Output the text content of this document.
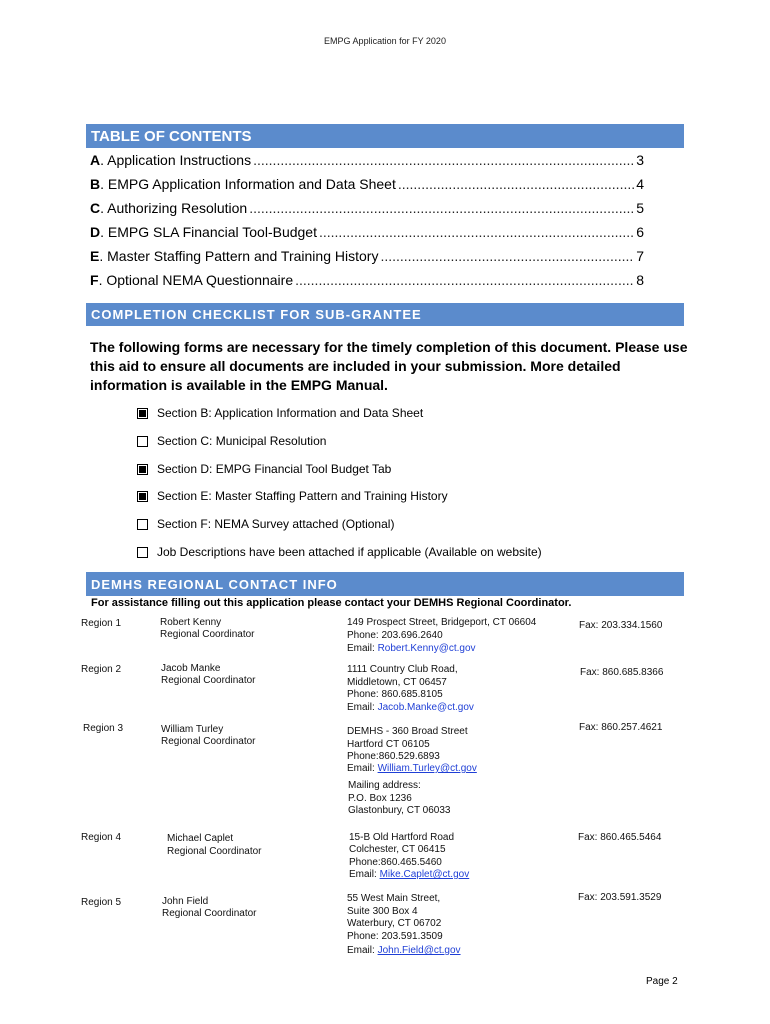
EMPG Application for FY 2020
TABLE OF CONTENTS
A . Application Instructions .....	3
B . EMPG Application Information and Data Sheet .....	4
C . Authorizing Resolution .....	5
D . EMPG SLA Financial Tool-Budget .....	6
E . Master Staffing Pattern and Training History .....	7
F . Optional NEMA Questionnaire .....	8
COMPLETION CHECKLIST FOR SUB-GRANTEE
The following forms are necessary for the timely completion of this document. Please use this aid to ensure all documents are included in your submission. More detailed information is available in the EMPG Manual.
Section B: Application Information and Data Sheet
Section C: Municipal Resolution
Section D: EMPG Financial Tool Budget Tab
Section E: Master Staffing Pattern and Training History
Section F: NEMA Survey attached (Optional)
Job Descriptions have been attached if applicable (Available on website)
DEMHS REGIONAL CONTACT INFO
For assistance filling out this application please contact your DEMHS Regional Coordinator.
Region 1	Robert Kenny
Regional Coordinator
149 Prospect Street, Bridgeport, CT 06604
Phone: 203.696.2640
Email: Robert.Kenny@ct.gov
Fax: 203.334.1560
Region 2	Jacob Manke
Regional Coordinator
1111 Country Club Road,
Middletown, CT 06457
Phone: 860.685.8105
Email: Jacob.Manke@ct.gov
Fax: 860.685.8366
Region 3	William Turley
Regional Coordinator
DEMHS - 360 Broad Street
Hartford CT 06105
Phone:860.529.6893
Email: William.Turley@ct.gov
Mailing address:
P.O. Box 1236
Glastonbury, CT 06033
Fax: 860.257.4621
Region 4	Michael Caplet
Regional Coordinator
15-B Old Hartford Road
Colchester, CT 06415
Phone:860.465.5460
Email: Mike.Caplet@ct.gov
Fax: 860.465.5464
Region 5	John Field
Regional Coordinator
55 West Main Street,
Suite 300 Box 4
Waterbury, CT 06702
Phone: 203.591.3509
Email: John.Field@ct.gov
Fax: 203.591.3529
Page 2
